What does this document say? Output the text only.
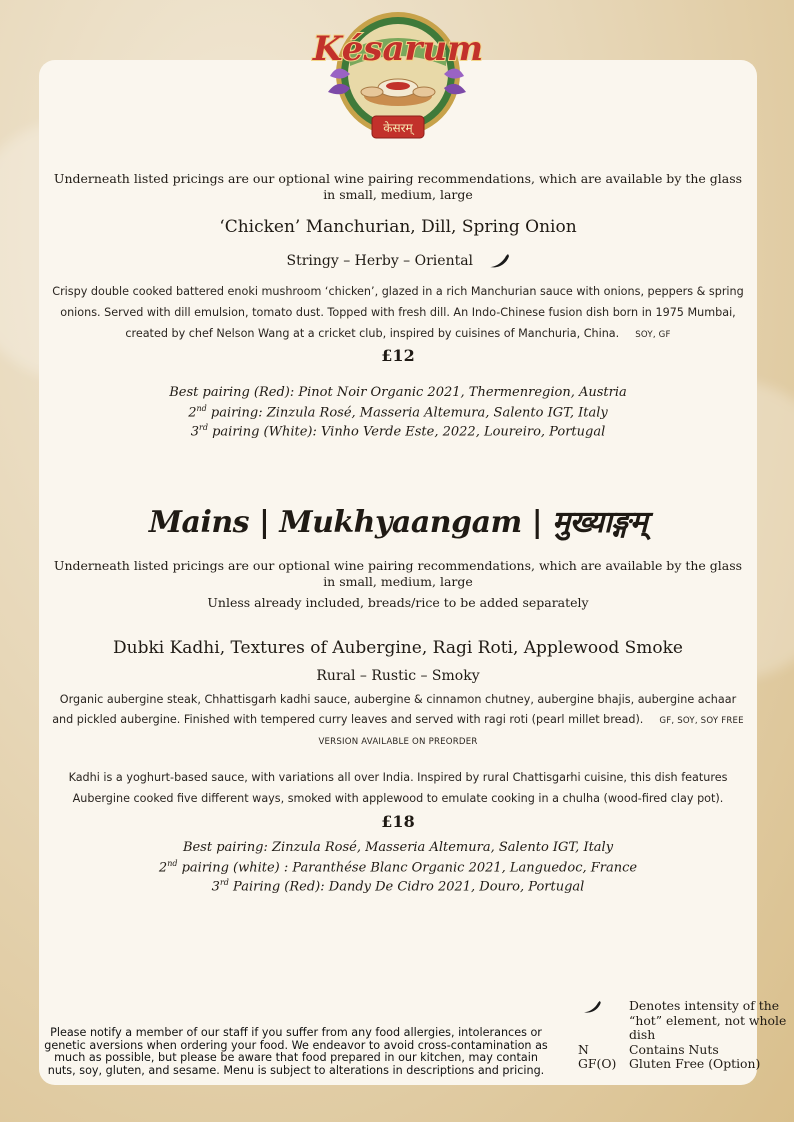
केसरम्
Késarum
Underneath listed pricings are our optional wine pairing recommendations, which are available by the glass in small, medium, large
‘Chicken’ Manchurian, Dill, Spring Onion
Stringy – Herby – Oriental
Crispy double cooked battered enoki mushroom ‘chicken’, glazed in a rich Manchurian sauce with onions, peppers & spring onions. Served with dill emulsion, tomato dust. Topped with fresh dill. An Indo-Chinese fusion dish born in 1975 Mumbai, created by chef Nelson Wang at a cricket club, inspired by cuisines of Manchuria, China. SOY, GF
£12
Best pairing (Red): Pinot Noir Organic 2021, Thermenregion, Austria
2nd pairing: Zinzula Rosé, Masseria Altemura, Salento IGT, Italy
3rd pairing (White): Vinho Verde Este, 2022, Loureiro, Portugal
Mains | Mukhyaangam | मुख्याङ्गम्
Underneath listed pricings are our optional wine pairing recommendations, which are available by the glass in small, medium, large
Unless already included, breads/rice to be added separately
Dubki Kadhi, Textures of Aubergine, Ragi Roti, Applewood Smoke
Rural – Rustic – Smoky
Organic aubergine steak, Chhattisgarh kadhi sauce, aubergine & cinnamon chutney, aubergine bhajis, aubergine achaar and pickled aubergine. Finished with tempered curry leaves and served with ragi roti (pearl millet bread). GF, SOY, SOY FREE VERSION AVAILABLE ON PREORDER
Kadhi is a yoghurt-based sauce, with variations all over India. Inspired by rural Chattisgarhi cuisine, this dish features Aubergine cooked five different ways, smoked with applewood to emulate cooking in a chulha (wood-fired clay pot).
£18
Best pairing: Zinzula Rosé, Masseria Altemura, Salento IGT, Italy
2nd pairing (white) : Paranthése Blanc Organic 2021, Languedoc, France
3rd Pairing (Red): Dandy De Cidro 2021, Douro, Portugal
Please notify a member of our staff if you suffer from any food allergies, intolerances or genetic aversions when ordering your food. We endeavor to avoid cross-contamination as much as possible, but please be aware that food prepared in our kitchen, may contain nuts, soy, gluten, and sesame. Menu is subject to alterations in descriptions and pricing.
Denotes intensity of the “hot” element, not whole dish
N	Contains Nuts
GF(O)	Gluten Free (Option)
